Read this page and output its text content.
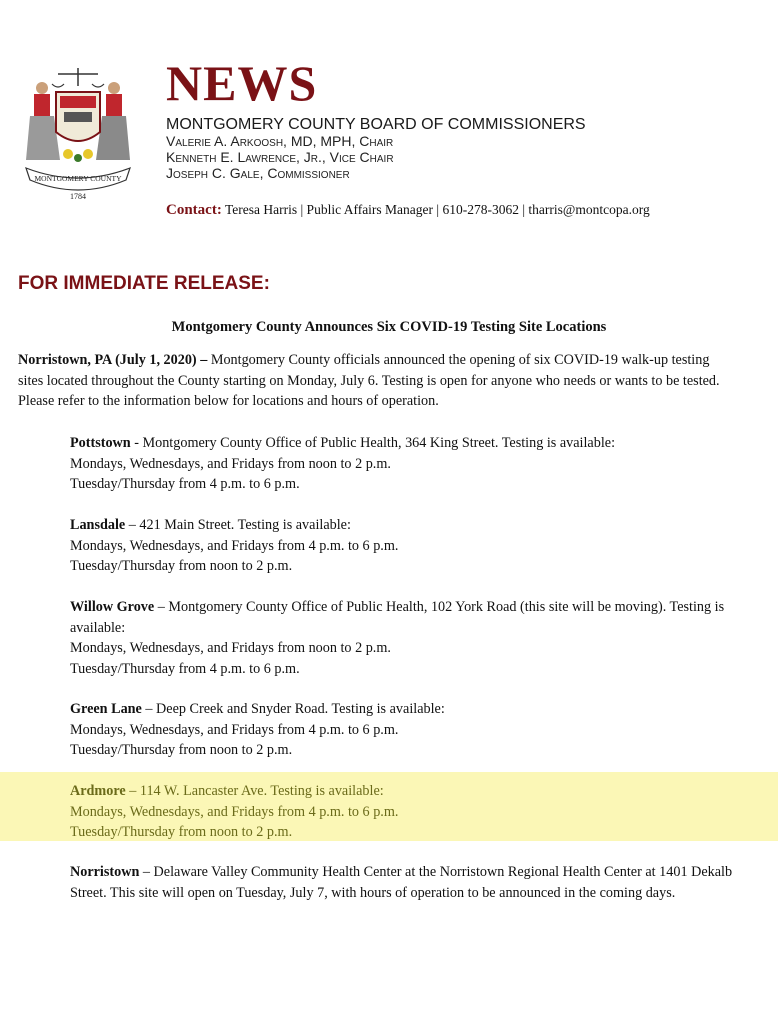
MONTGOMERY COUNTY
1784
NEWS
MONTGOMERY COUNTY BOARD OF COMMISSIONERS
Valerie A. Arkoosh, MD, MPH, Chair
Kenneth E. Lawrence, Jr., Vice Chair
Joseph C. Gale, Commissioner
Contact: Teresa Harris | Public Affairs Manager | 610-278-3062 | tharris@montcopa.org
FOR IMMEDIATE RELEASE:
Montgomery County Announces Six COVID-19 Testing Site Locations
Norristown, PA (July 1, 2020) – Montgomery County officials announced the opening of six COVID-19 walk-up testing sites located throughout the County starting on Monday, July 6. Testing is open for anyone who needs or wants to be tested. Please refer to the information below for locations and hours of operation.
Pottstown - Montgomery County Office of Public Health, 364 King Street. Testing is available:
Mondays, Wednesdays, and Fridays from noon to 2 p.m.
Tuesday/Thursday from 4 p.m. to 6 p.m.
Lansdale – 421 Main Street. Testing is available:
Mondays, Wednesdays, and Fridays from 4 p.m. to 6 p.m.
Tuesday/Thursday from noon to 2 p.m.
Willow Grove – Montgomery County Office of Public Health, 102 York Road (this site will be moving). Testing is available:
Mondays, Wednesdays, and Fridays from noon to 2 p.m.
Tuesday/Thursday from 4 p.m. to 6 p.m.
Green Lane – Deep Creek and Snyder Road. Testing is available:
Mondays, Wednesdays, and Fridays from 4 p.m. to 6 p.m.
Tuesday/Thursday from noon to 2 p.m.
Ardmore – 114 W. Lancaster Ave. Testing is available:
Mondays, Wednesdays, and Fridays from 4 p.m. to 6 p.m.
Tuesday/Thursday from noon to 2 p.m.
Norristown – Delaware Valley Community Health Center at the Norristown Regional Health Center at 1401 Dekalb Street. This site will open on Tuesday, July 7, with hours of operation to be announced in the coming days.
